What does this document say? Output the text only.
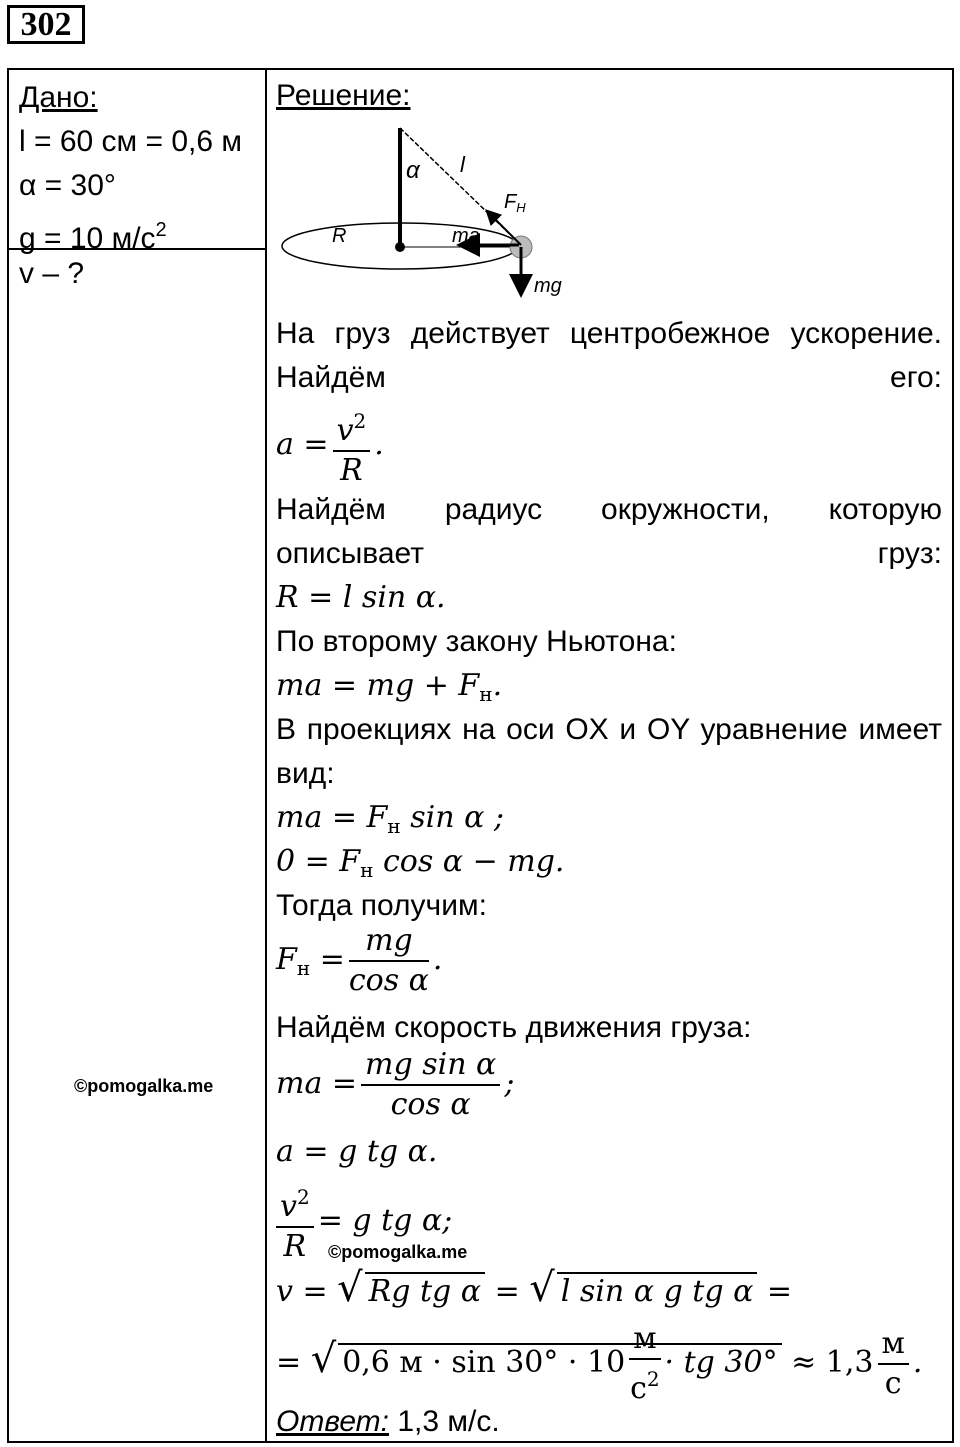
302
Дано:
l = 60 см = 0,6 м
α = 30°
g = 10 $м/с^2$
v – ?
©pomogalka.me
©pomogalka.me
Решение:
α l
$F_Н$
R	ma
mg
На груз действует центробежное ускорение. Найдём его:
$a = \frac{v^2}{R}$ .
Найдём радиус окружности, которую описывает груз:
R = l sin α.
По второму закону Ньютона:
ma = mg + $F_н$.
В проекциях на оси OX и OY уравнение имеет вид:
ma = $F_н$ sin α ;
$0 = F_н$ cos α − mg.
Тогда получим:
$F_н = \frac{mg}{\text{cos α}}$ .
Найдём скорость движения груза:
ma = $\frac{\text{mg sin α}}{\text{cos α}}$ ;
a = g tg α.
$\frac{v^2}{R} = g$ tg α;
v = √ Rg tg α = √ l sin α g tg α =
= √ 0,6 $м \cdot \sin 30^\circ \cdot 10 \frac{м}{с^2}$ · tg $30^\circ \approx 1,3 \frac{м}{с}$ .
Ответ: 1,3 м/с.
